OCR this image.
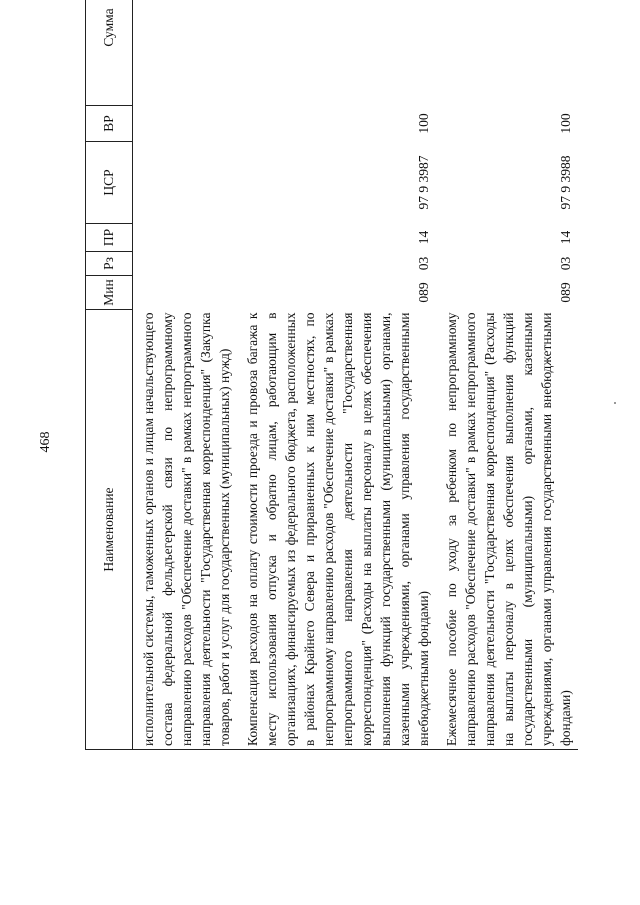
468
Наименование	Мин	Рз	ПР	ЦСР	ВР	Сумма
исполнительной системы, таможенных органов и лицам начальствующего состава федеральной фельдъегерской связи по непрограммному направлению расходов "Обеспечение доставки" в рамках непрограммного направления деятельности "Государственная корреспонденция" (Закупка товаров, работ и услуг для государственных (муниципальных) нужд)						
Компенсация расходов на оплату стоимости проезда и провоза багажа к месту использования отпуска и обратно лицам, работающим в организациях, финансируемых из федерального бюджета, расположенных в районах Крайнего Севера и приравненных к ним местностях, по непрограммному направлению расходов "Обеспечение доставки" в рамках непрограммного направления деятельности "Государственная корреспонденция" (Расходы на выплаты персоналу в целях обеспечения выполнения функций государственными (муниципальными) органами, казенными учреждениями, органами управления государственными внебюджетными фондами)	089	03	14	97 9 3987	100	
Ежемесячное пособие по уходу за ребенком по непрограммному направлению расходов "Обеспечение доставки" в рамках непрограммного направления деятельности "Государственная корреспонденция" (Расходы на выплаты персоналу в целях обеспечения выполнения функций государственными (муниципальными) органами, казенными учреждениями, органами управления государственными внебюджетными фондами)	089	03	14	97 9 3988	100	
